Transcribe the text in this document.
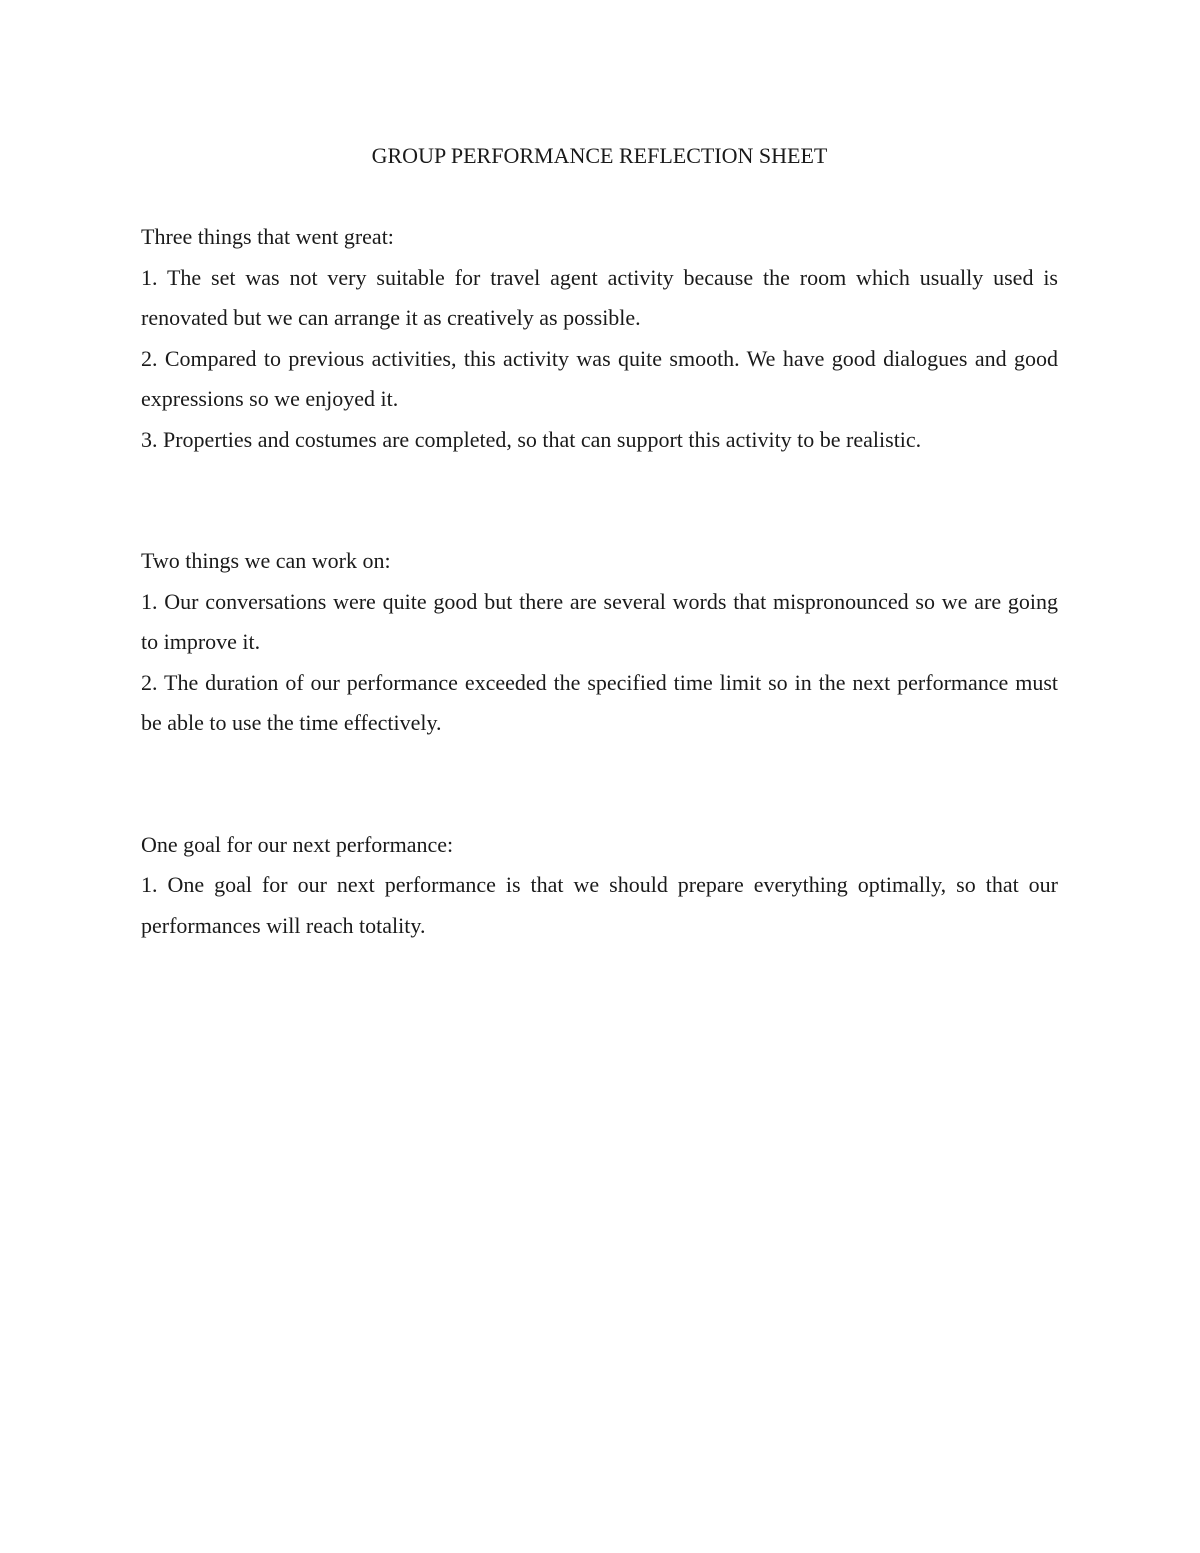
GROUP PERFORMANCE REFLECTION SHEET

Three things that went great:

1. The set was not very suitable for travel agent activity because the room which usually used is renovated but we can arrange it as creatively as possible.

2. Compared to previous activities, this activity was quite smooth. We have good dialogues and good expressions so we enjoyed it.

3. Properties and costumes are completed, so that can support this activity to be realistic.

Two things we can work on:

1. Our conversations were quite good but there are several words that mispronounced so we are going to improve it.

2. The duration of our performance exceeded the specified time limit so in the next performance must be able to use the time effectively.

One goal for our next performance:

1. One goal for our next performance is that we should prepare everything optimally, so that our performances will reach totality.
